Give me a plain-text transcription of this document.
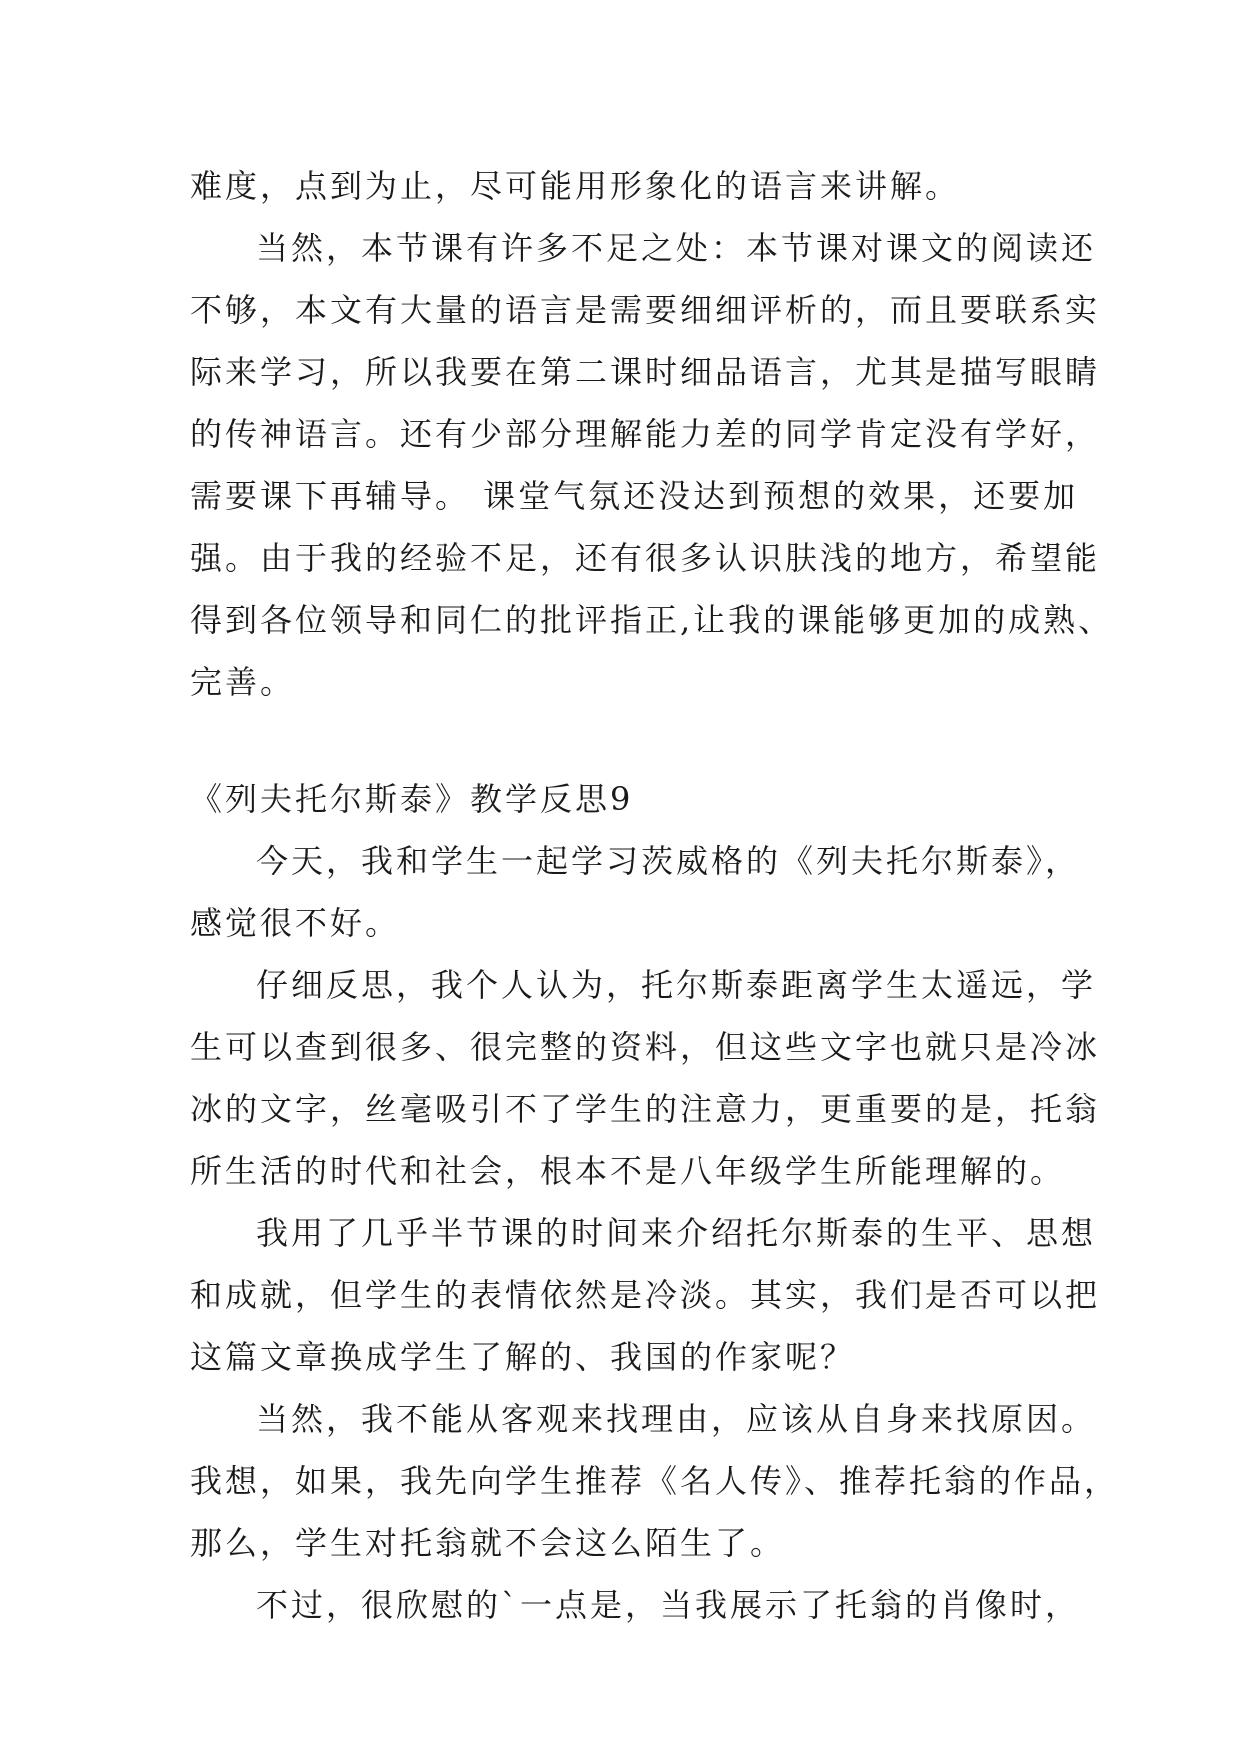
难度，点到为止，尽可能用形象化的语言来讲解。
当然，本节课有许多不足之处：本节课对课文的阅读还
不够，本文有大量的语言是需要细细评析的，而且要联系实
际来学习，所以我要在第二课时细品语言，尤其是描写眼睛
的传神语言。还有少部分理解能力差的同学肯定没有学好，
需要课下再辅导。 课堂气氛还没达到预想的效果，还要加
强。由于我的经验不足，还有很多认识肤浅的地方，希望能
得到各位领导和同仁的批评指正,让我的课能够更加的成熟、
完善。
《列夫托尔斯泰》教学反思9
今天，我和学生一起学习茨威格的《列夫托尔斯泰》，
感觉很不好。
仔细反思，我个人认为，托尔斯泰距离学生太遥远，学
生可以查到很多、很完整的资料，但这些文字也就只是冷冰
冰的文字，丝毫吸引不了学生的注意力，更重要的是，托翁
所生活的时代和社会，根本不是八年级学生所能理解的。
我用了几乎半节课的时间来介绍托尔斯泰的生平、思想
和成就，但学生的表情依然是冷淡。其实，我们是否可以把
这篇文章换成学生了解的、我国的作家呢？
当然，我不能从客观来找理由，应该从自身来找原因。
我想，如果，我先向学生推荐《名人传》、推荐托翁的作品，
那么，学生对托翁就不会这么陌生了。
不过，很欣慰的`一点是，当我展示了托翁的肖像时，
